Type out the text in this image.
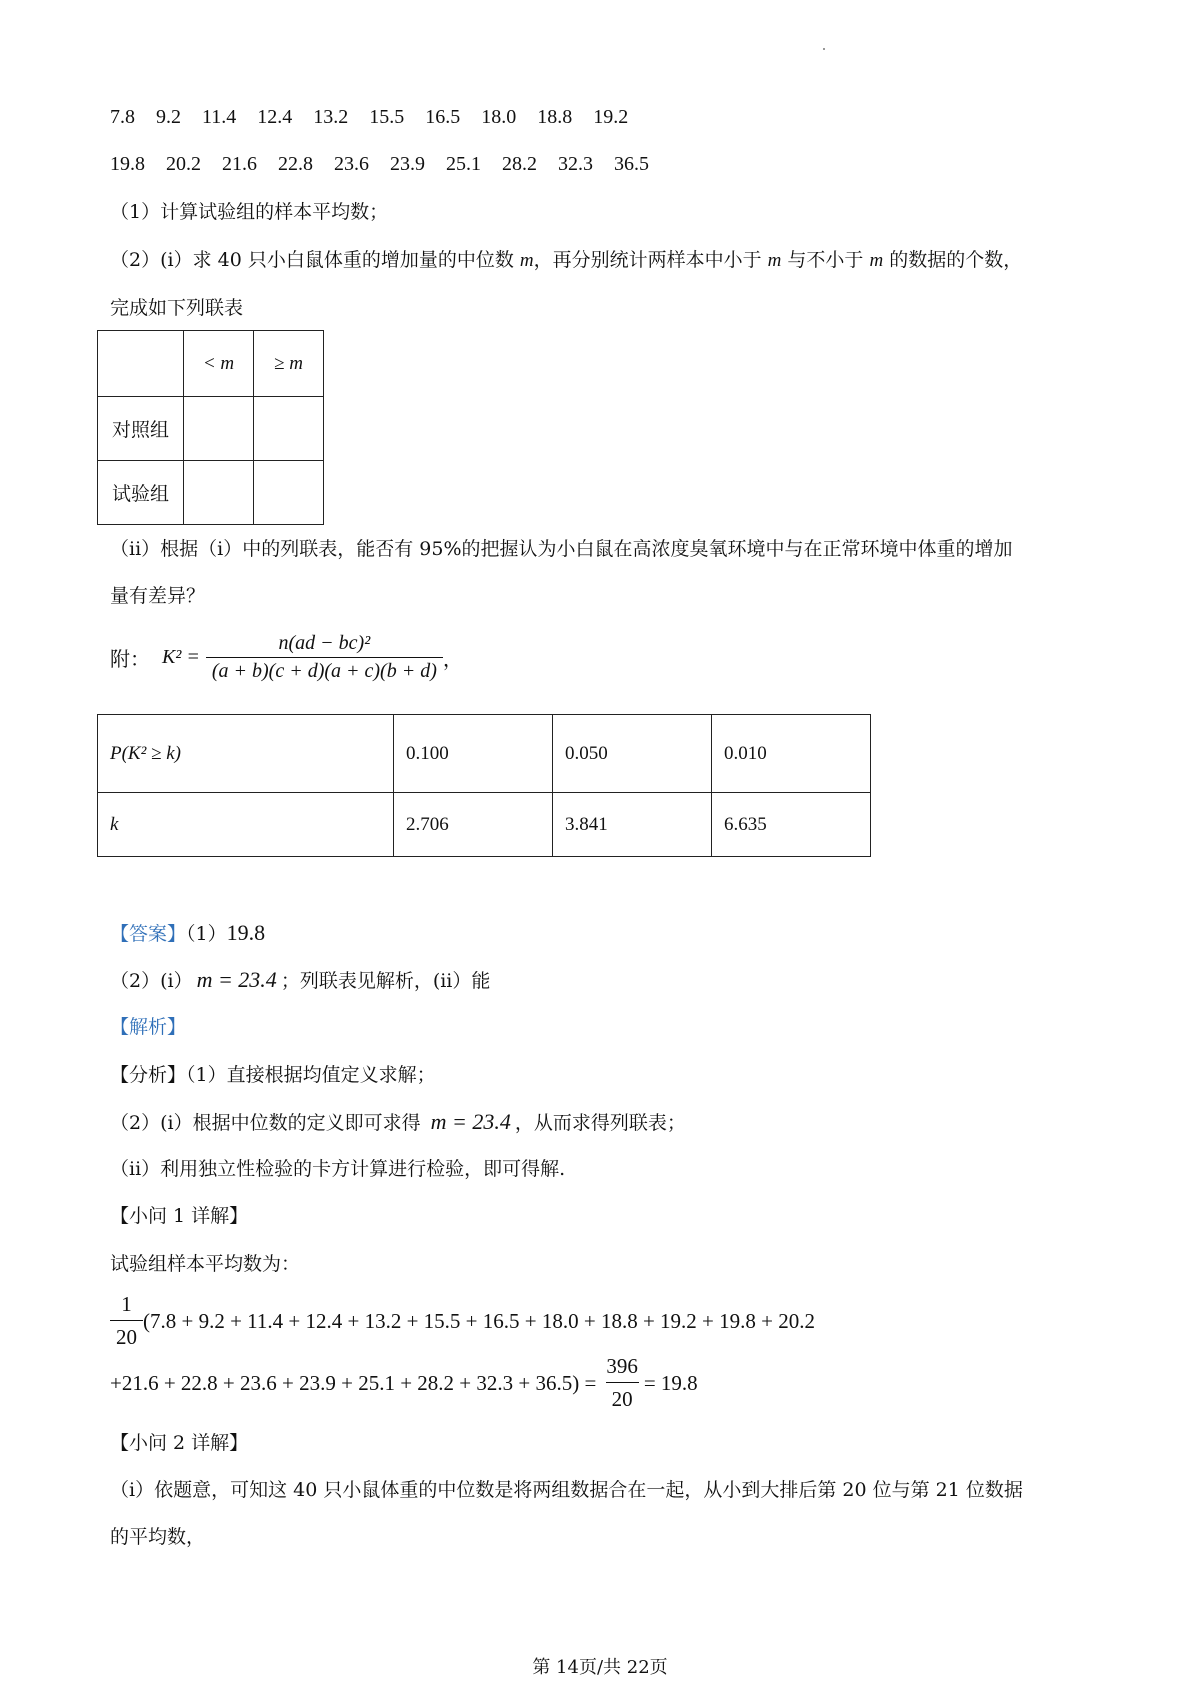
7.8 9.2 11.4 12.4 13.2 15.5 16.5 18.0 18.8 19.2
19.8 20.2 21.6 22.8 23.6 23.9 25.1 28.2 32.3 36.5
（1）计算试验组的样本平均数；
（2）(i）求 40 只小白鼠体重的增加量的中位数 m，再分别统计两样本中小于 m 与不小于 m 的数据的个数，
完成如下列联表
	< m	≥ m
对照组		
试验组		
（ii）根据（i）中的列联表，能否有 95%的把握认为小白鼠在高浓度臭氧环境中与在正常环境中体重的增加
量有差异？
附： $K^2 = \frac{\text{n(ad − bc)²}}{(a + b)(c + d)(a + c)(b + d)}$ ，
P(K² ≥ k)	0.100	0.050	0.010
k	2.706	3.841	6.635
【答案】（1）19.8
（2）(i） m = 23.4 ；列联表见解析，(ii）能
【解析】
【分析】（1）直接根据均值定义求解；
（2）(i）根据中位数的定义即可求得 m = 23.4 ，从而求得列联表；
（ii）利用独立性检验的卡方计算进行检验，即可得解.
【小问 1 详解】
试验组样本平均数为：
$\frac{1}{20} (7.8 + 9.2 + 11.4 + 12.4 + 13.2 + 15.5 + 16.5 + 18.0 + 18.8 + 19.2 + 19.8 + 20.2$
$+21.6 + 22.8 + 23.6 + 23.9 + 25.1 + 28.2 + 32.3 + 36.5) = \frac{396}{20} = 19.8$
【小问 2 详解】
（i）依题意，可知这 40 只小鼠体重的中位数是将两组数据合在一起，从小到大排后第 20 位与第 21 位数据
的平均数，
第 14页/共 22页
